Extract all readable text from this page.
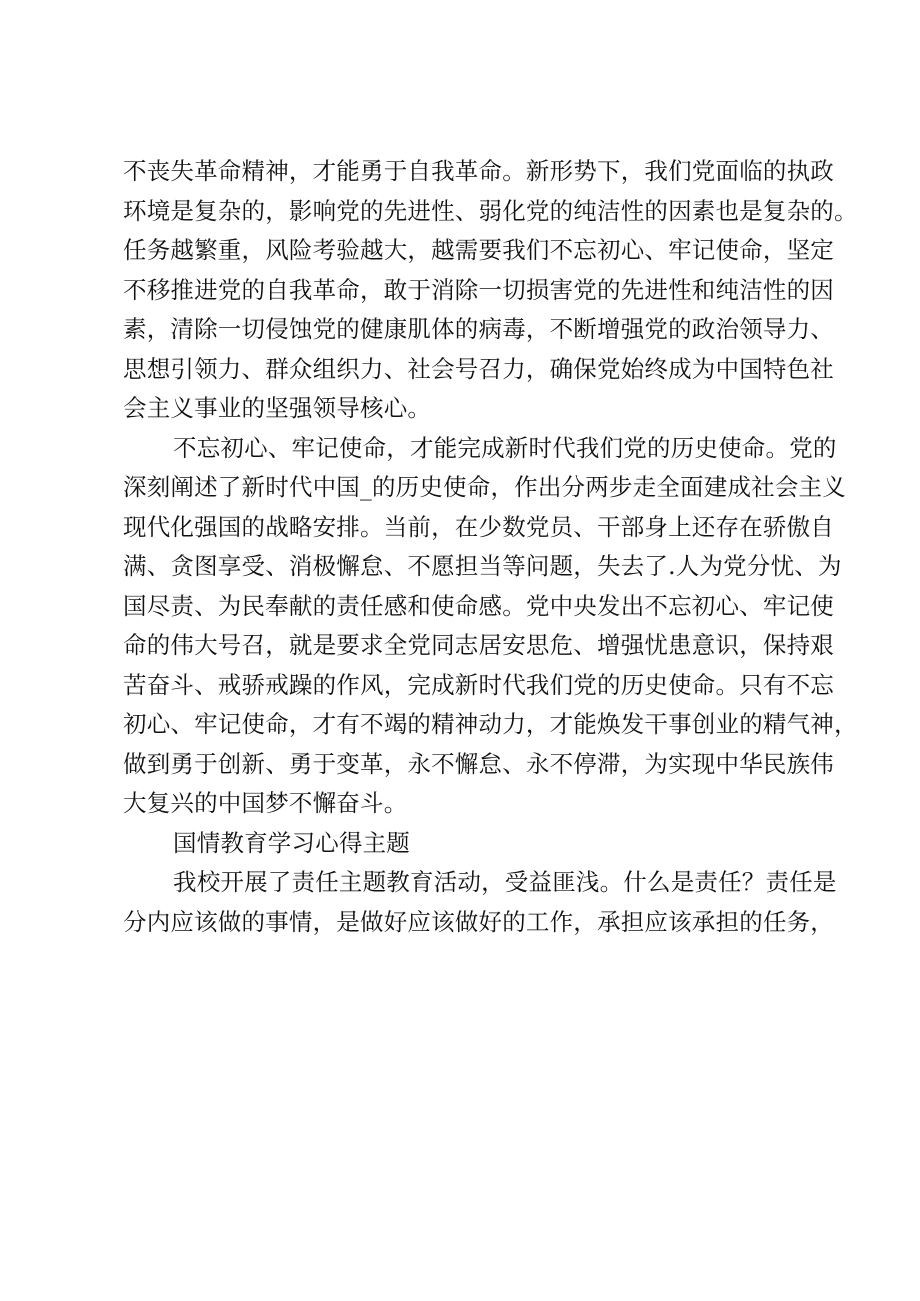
不丧失革命精神，才能勇于自我革命。新形势下，我们党面临的执政
环境是复杂的，影响党的先进性、弱化党的纯洁性的因素也是复杂的。
任务越繁重，风险考验越大，越需要我们不忘初心、牢记使命，坚定
不移推进党的自我革命，敢于消除一切损害党的先进性和纯洁性的因
素，清除一切侵蚀党的健康肌体的病毒，不断增强党的政治领导力、
思想引领力、群众组织力、社会号召力，确保党始终成为中国特色社
会主义事业的坚强领导核心。
不忘初心、牢记使命，才能完成新时代我们党的历史使命。党的
深刻阐述了新时代中国_的历史使命，作出分两步走全面建成社会主义
现代化强国的战略安排。当前，在少数党员、干部身上还存在骄傲自
满、贪图享受、消极懈怠、不愿担当等问题，失去了.人为党分忧、为
国尽责、为民奉献的责任感和使命感。党中央发出不忘初心、牢记使
命的伟大号召，就是要求全党同志居安思危、增强忧患意识，保持艰
苦奋斗、戒骄戒躁的作风，完成新时代我们党的历史使命。只有不忘
初心、牢记使命，才有不竭的精神动力，才能焕发干事创业的精气神，
做到勇于创新、勇于变革，永不懈怠、永不停滞，为实现中华民族伟
大复兴的中国梦不懈奋斗。
国情教育学习心得主题
我校开展了责任主题教育活动，受益匪浅。什么是责任？责任是
分内应该做的事情，是做好应该做好的工作，承担应该承担的任务，
